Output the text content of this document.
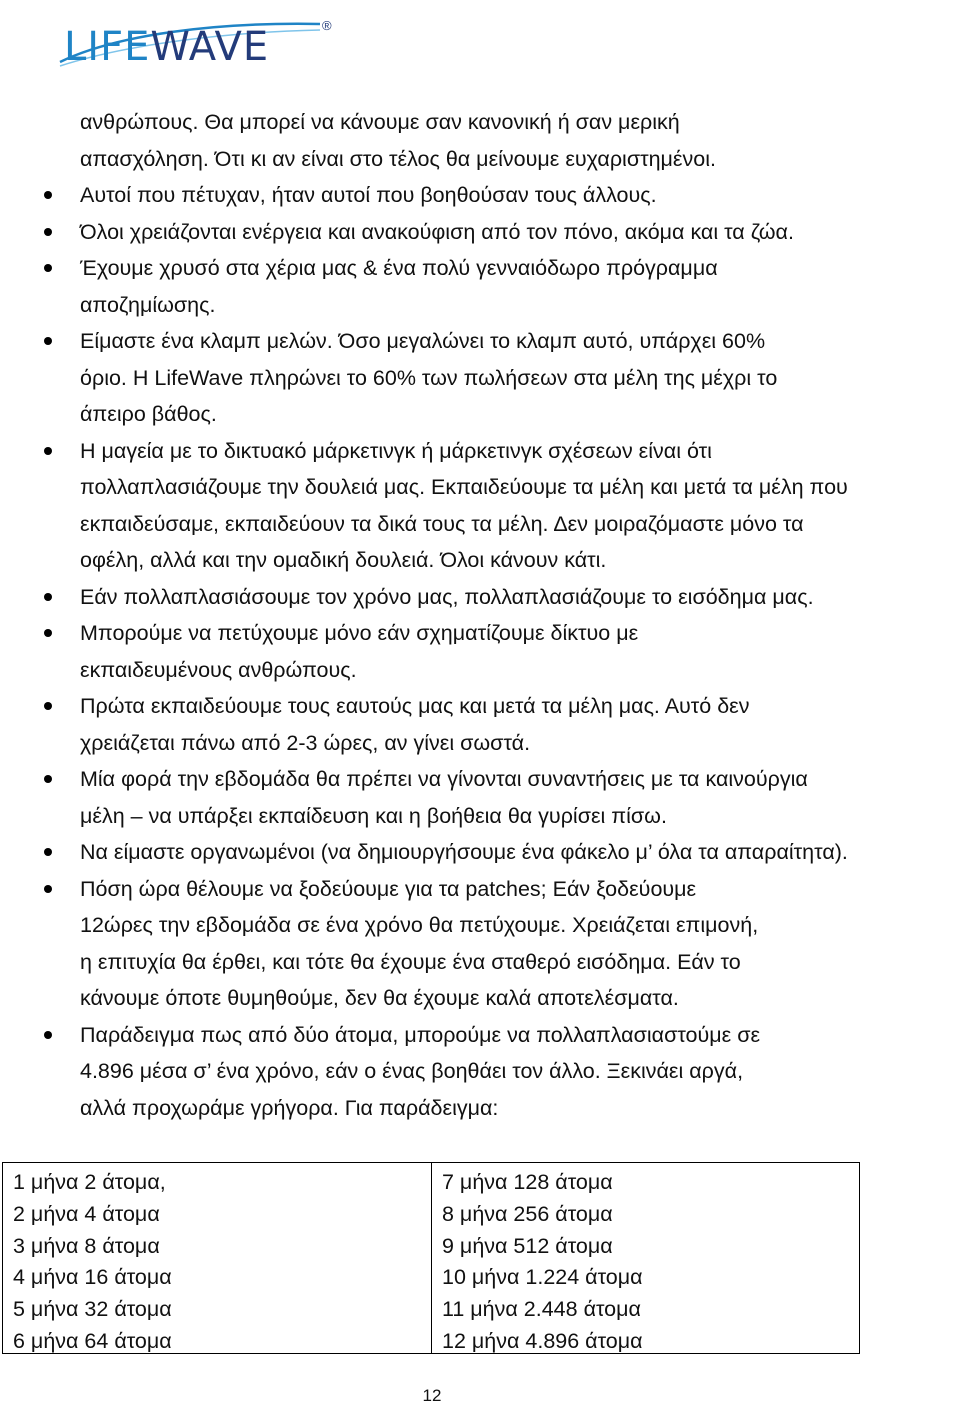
LIFEWAVE	®
ανθρώπους. Θα μπορεί να κάνουμε σαν κανονική ή σαν μερική
απασχόληση. Ότι κι αν είναι στο τέλος θα μείνουμε ευχαριστημένοι.
Αυτοί που πέτυχαν, ήταν αυτοί που βοηθούσαν τους άλλους.
Όλοι χρειάζονται ενέργεια και ανακούφιση από τον πόνο, ακόμα και τα ζώα.
Έχουμε χρυσό στα χέρια μας & ένα πολύ γενναιόδωρο πρόγραμμα
αποζημίωσης.
Είμαστε ένα κλαμπ μελών. Όσο μεγαλώνει το κλαμπ αυτό, υπάρχει 60%
όριο. Η LifeWave πληρώνει το 60% των πωλήσεων στα μέλη της μέχρι το
άπειρο βάθος.
Η μαγεία με το δικτυακό μάρκετινγκ ή μάρκετινγκ σχέσεων είναι ότι
πολλαπλασιάζουμε την δουλειά μας. Εκπαιδεύουμε τα μέλη και μετά τα μέλη που
εκπαιδεύσαμε, εκπαιδεύουν τα δικά τους τα μέλη. Δεν μοιραζόμαστε μόνο τα
οφέλη, αλλά και την ομαδική δουλειά. Όλοι κάνουν κάτι.
Εάν πολλαπλασιάσουμε τον χρόνο μας, πολλαπλασιάζουμε το εισόδημα μας.
Μπορούμε να πετύχουμε μόνο εάν σχηματίζουμε δίκτυο με
εκπαιδευμένους ανθρώπους.
Πρώτα εκπαιδεύουμε τους εαυτούς μας και μετά τα μέλη μας. Αυτό δεν
χρειάζεται πάνω από 2-3 ώρες, αν γίνει σωστά.
Μία φορά την εβδομάδα θα πρέπει να γίνονται συναντήσεις με τα καινούργια
μέλη – να υπάρξει εκπαίδευση και η βοήθεια θα γυρίσει πίσω.
Να είμαστε οργανωμένοι (να δημιουργήσουμε ένα φάκελο μ’ όλα τα απαραίτητα).
Πόση ώρα θέλουμε να ξοδεύουμε για τα patches; Εάν ξοδεύουμε
12ώρες την εβδομάδα σε ένα χρόνο θα πετύχουμε. Χρειάζεται επιμονή,
η επιτυχία θα έρθει, και τότε θα έχουμε ένα σταθερό εισόδημα. Εάν το
κάνουμε όποτε θυμηθούμε, δεν θα έχουμε καλά αποτελέσματα.
Παράδειγμα πως από δύο άτομα, μπορούμε να πολλαπλασιαστούμε σε
4.896 μέσα σ’ ένα χρόνο, εάν ο ένας βοηθάει τον άλλο. Ξεκινάει αργά,
αλλά προχωράμε γρήγορα. Για παράδειγμα:
1 μήνα 2 άτομα,
2 μήνα 4 άτομα
3 μήνα 8 άτομα
4 μήνα 16 άτομα
5 μήνα 32 άτομα
6 μήνα 64 άτομα
7 μήνα 128 άτομα
8 μήνα 256 άτομα
9 μήνα 512 άτομα
10 μήνα 1.224 άτομα
11 μήνα 2.448 άτομα
12 μήνα 4.896 άτομα
12
